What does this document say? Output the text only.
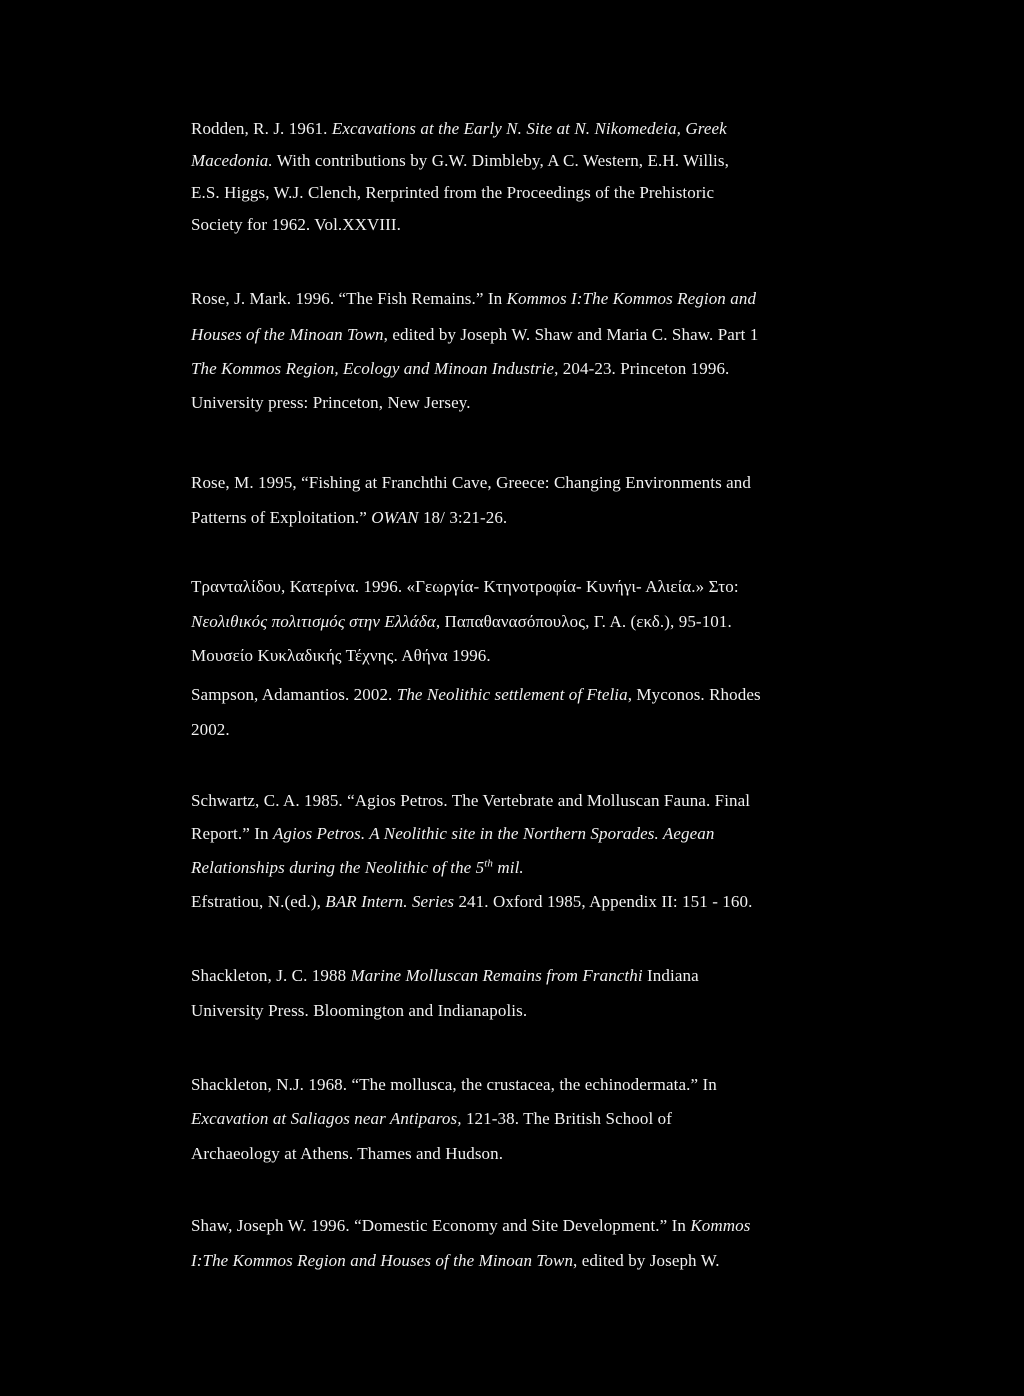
Rodden, R. J. 1961. Excavations at the Early N. Site at N. Nikomedeia, Greek
Macedonia. With contributions by G.W. Dimbleby, A C. Western, E.H. Willis,
E.S. Higgs, W.J. Clench, Rerprinted from the Proceedings of the Prehistoric
Society for 1962. Vol.XXVIII.
Rose, J. Mark. 1996. “The Fish Remains.” In Kommos I:The Kommos Region and
Houses of the Minoan Town, edited by Joseph W. Shaw and Maria C. Shaw. Part 1
The Kommos Region, Ecology and Minoan Industrie, 204-23. Princeton 1996.
University press: Princeton, New Jersey.
Rose, M. 1995, “Fishing at Franchthi Cave, Greece: Changing Environments and
Patterns of Exploitation.” OWAN 18/ 3:21-26.
Τρανταλίδου, Κατερίνα. 1996. «Γεωργία- Κτηνοτροφία- Κυνήγι- Αλιεία.» Στο:
Νεολιθικός πολιτισμός στην Ελλάδα, Παπαθανασόπουλος, Γ. Α. (εκδ.), 95-101.
Μουσείο Κυκλαδικής Τέχνης. Αθήνα 1996.
Sampson, Adamantios. 2002. The Neolithic settlement of Ftelia, Myconos. Rhodes
2002.
Schwartz, C. A. 1985. “Agios Petros. The Vertebrate and Molluscan Fauna. Final
Report.” In Agios Petros. A Neolithic site in the Northern Sporades. Aegean
Relationships during the Neolithic of the 5th mil.
Efstratiou, N.(ed.), BAR Intern. Series 241. Oxford 1985, Appendix II: 151 - 160.
Shackleton, J. C. 1988 Marine Molluscan Remains from Francthi Indiana
University Press. Bloomington and Indianapolis.
Shackleton, N.J. 1968. “The mollusca, the crustacea, the echinodermata.” In
Excavation at Saliagos near Antiparos, 121-38. The British School of
Archaeology at Athens. Thames and Hudson.
Shaw, Joseph W. 1996. “Domestic Economy and Site Development.” In Kommos
I:The Kommos Region and Houses of the Minoan Town, edited by Joseph W.
